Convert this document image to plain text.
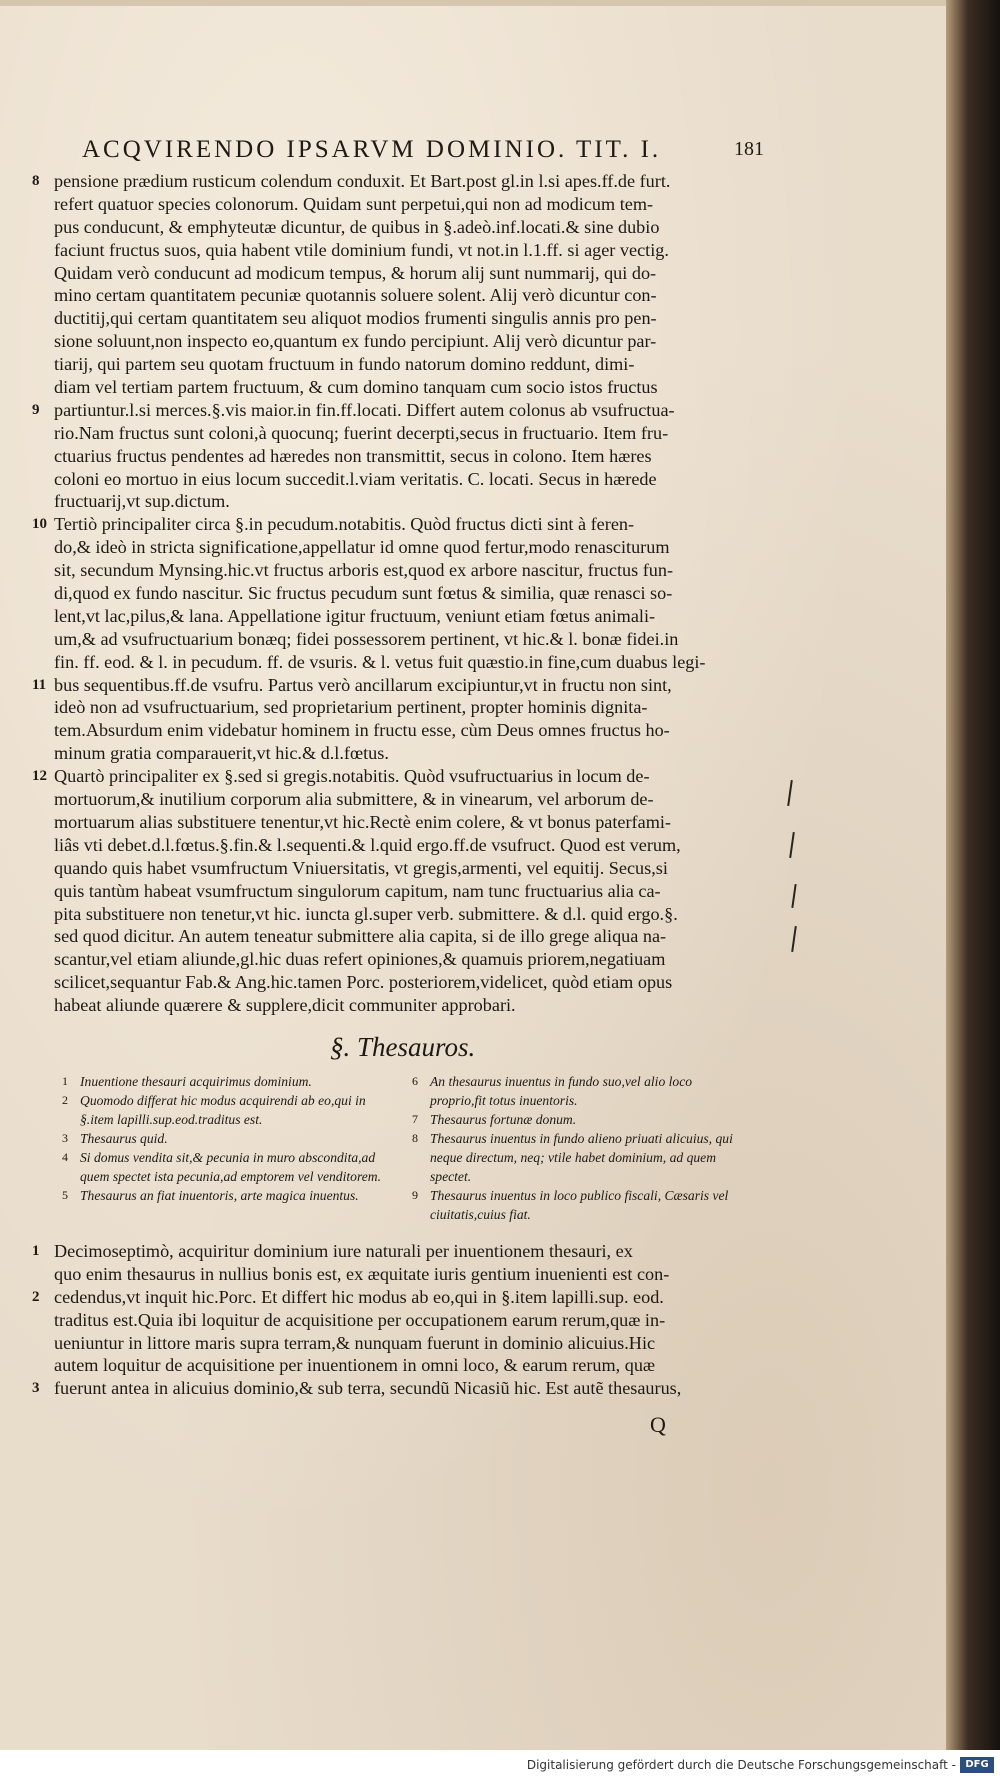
ACQVIRENDO IPSARVM DOMINIO. TIT. I.	181
8 pensione prædium rusticum colendum conduxit. Et Bart.post gl.in l.si apes.ff.de furt.
refert quatuor species colonorum. Quidam sunt perpetui,qui non ad modicum tem-
pus conducunt, & emphyteutæ dicuntur, de quibus in §.adeò.inf.locati.& sine dubio
faciunt fructus suos, quia habent vtile dominium fundi, vt not.in l.1.ff. si ager vectig.
Quidam verò conducunt ad modicum tempus, & horum alij sunt nummarij, qui do-
mino certam quantitatem pecuniæ quotannis soluere solent. Alij verò dicuntur con-
ductitij,qui certam quantitatem seu aliquot modios frumenti singulis annis pro pen-
sione soluunt,non inspecto eo,quantum ex fundo percipiunt. Alij verò dicuntur par-
tiarij, qui partem seu quotam fructuum in fundo natorum domino reddunt, dimi-
diam vel tertiam partem fructuum, & cum domino tanquam cum socio istos fructus
9 partiuntur.l.si merces.§.vis maior.in fin.ff.locati. Differt autem colonus ab vsufructua-
rio.Nam fructus sunt coloni,à quocunq; fuerint decerpti,secus in fructuario. Item fru-
ctuarius fructus pendentes ad hæredes non transmittit, secus in colono. Item hæres
coloni eo mortuo in eius locum succedit.l.viam veritatis. C. locati. Secus in hærede
fructuarij,vt sup.dictum.
10 Tertiò principaliter circa §.in pecudum.notabitis. Quòd fructus dicti sint à feren-
do,& ideò in stricta significatione,appellatur id omne quod fertur,modo renasciturum
sit, secundum Mynsing.hic.vt fructus arboris est,quod ex arbore nascitur, fructus fun-
di,quod ex fundo nascitur. Sic fructus pecudum sunt fœtus & similia, quæ renasci so-
lent,vt lac,pilus,& lana. Appellatione igitur fructuum, veniunt etiam fœtus animali-
um,& ad vsufructuarium bonæq; fidei possessorem pertinent, vt hic.& l. bonæ fidei.in
fin. ff. eod. & l. in pecudum. ff. de vsuris. & l. vetus fuit quæstio.in fine,cum duabus legi-
11 bus sequentibus.ff.de vsufru. Partus verò ancillarum excipiuntur,vt in fructu non sint,
ideò non ad vsufructuarium, sed proprietarium pertinent, propter hominis dignita-
tem.Absurdum enim videbatur hominem in fructu esse, cùm Deus omnes fructus ho-
minum gratia comparauerit,vt hic.& d.l.fœtus.
12 Quartò principaliter ex §.sed si gregis.notabitis. Quòd vsufructuarius in locum de-
mortuorum,& inutilium corporum alia submittere, & in vinearum, vel arborum de-
mortuarum alias substituere tenentur,vt hic.Rectè enim colere, & vt bonus paterfami-
liâs vti debet.d.l.fœtus.§.fin.& l.sequenti.& l.quid ergo.ff.de vsufruct. Quod est verum,
quando quis habet vsumfructum Vniuersitatis, vt gregis,armenti, vel equitij. Secus,si
quis tantùm habeat vsumfructum singulorum capitum, nam tunc fructuarius alia ca-
pita substituere non tenetur,vt hic. iuncta gl.super verb. submittere. & d.l. quid ergo.§.
sed quod dicitur. An autem teneatur submittere alia capita, si de illo grege aliqua na-
scantur,vel etiam aliunde,gl.hic duas refert opiniones,& quamuis priorem,negatiuam
scilicet,sequantur Fab.& Ang.hic.tamen Porc. posteriorem,videlicet, quòd etiam opus
habeat aliunde quærere & supplere,dicit communiter approbari.
§. Thesauros.
1 Inuentione thesauri acquirimus dominium.
2 Quomodo differat hic modus acquirendi ab eo,qui in §.item lapilli.sup.eod.traditus est.
3 Thesaurus quid.
4 Si domus vendita sit,& pecunia in muro abscondita,ad quem spectet ista pecunia,ad emptorem vel venditorem.
5 Thesaurus an fiat inuentoris, arte magica inuentus.
6 An thesaurus inuentus in fundo suo,vel alio loco proprio,fit totus inuentoris.
7 Thesaurus fortunæ donum.
8 Thesaurus inuentus in fundo alieno priuati alicuius, qui neque directum, neq; vtile habet dominium, ad quem spectet.
9 Thesaurus inuentus in loco publico fiscali, Cæsaris vel ciuitatis,cuius fiat.
1 Decimoseptimò, acquiritur dominium iure naturali per inuentionem thesauri, ex
quo enim thesaurus in nullius bonis est, ex æquitate iuris gentium inuenienti est con-
2 cedendus,vt inquit hic.Porc. Et differt hic modus ab eo,qui in §.item lapilli.sup. eod.
traditus est.Quia ibi loquitur de acquisitione per occupationem earum rerum,quæ in-
ueniuntur in littore maris supra terram,& nunquam fuerunt in dominio alicuius.Hic
autem loquitur de acquisitione per inuentionem in omni loco, & earum rerum, quæ
3 fuerunt antea in alicuius dominio,& sub terra, secundũ Nicasiũ hic. Est autẽ thesaurus,
Q
Digitalisierung gefördert durch die Deutsche Forschungsgemeinschaft - DFG
